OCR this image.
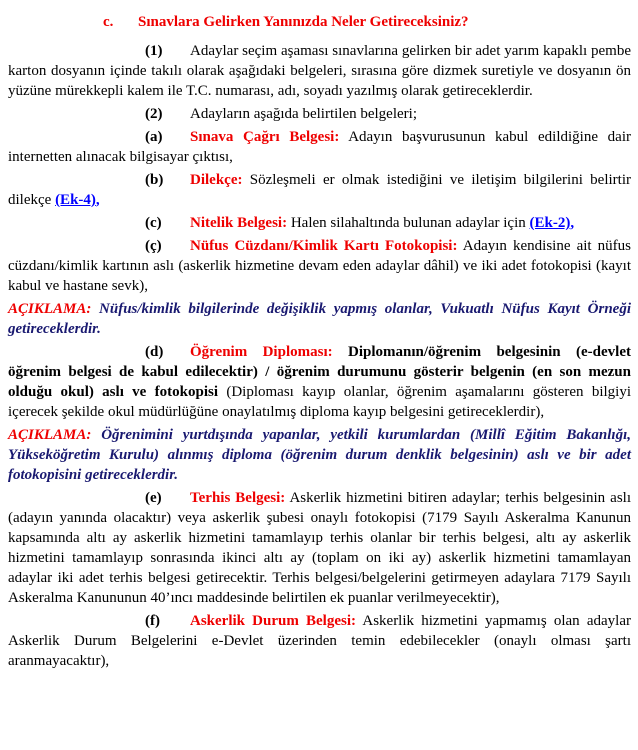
c. Sınavlara Gelirken Yanınızda Neler Getireceksiniz?

(1) Adaylar seçim aşaması sınavlarına gelirken bir adet yarım kapaklı pembe karton dosyanın içinde takılı olarak aşağıdaki belgeleri, sırasına göre dizmek suretiyle ve dosyanın ön yüzüne mürekkepli kalem ile T.C. numarası, adı, soyadı yazılmış olarak getireceklerdir.

(2) Adayların aşağıda belirtilen belgeleri;

(a) Sınava Çağrı Belgesi: Adayın başvurusunun kabul edildiğine dair internetten alınacak bilgisayar çıktısı,

(b) Dilekçe: Sözleşmeli er olmak istediğini ve iletişim bilgilerini belirtir dilekçe (Ek-4),

(c) Nitelik Belgesi: Halen silahaltında bulunan adaylar için (Ek-2),

(ç) Nüfus Cüzdanı/Kimlik Kartı Fotokopisi: Adayın kendisine ait nüfus cüzdanı/kimlik kartının aslı (askerlik hizmetine devam eden adaylar dâhil) ve iki adet fotokopisi (kayıt kabul ve hastane sevk),

AÇIKLAMA: Nüfus/kimlik bilgilerinde değişiklik yapmış olanlar, Vukuatlı Nüfus Kayıt Örneği getireceklerdir.

(d) Öğrenim Diploması: Diplomanın/öğrenim belgesinin (e-devlet öğrenim belgesi de kabul edilecektir) / öğrenim durumunu gösterir belgenin (en son mezun olduğu okul) aslı ve fotokopisi (Diploması kayıp olanlar, öğrenim aşamalarını gösteren bilgiyi içerecek şekilde okul müdürlüğüne onaylatılmış diploma kayıp belgesini getireceklerdir),

AÇIKLAMA: Öğrenimini yurtdışında yapanlar, yetkili kurumlardan (Millî Eğitim Bakanlığı, Yükseköğretim Kurulu) alınmış diploma (öğrenim durum denklik belgesinin) aslı ve bir adet fotokopisini getireceklerdir.

(e) Terhis Belgesi: Askerlik hizmetini bitiren adaylar; terhis belgesinin aslı (adayın yanında olacaktır) veya askerlik şubesi onaylı fotokopisi (7179 Sayılı Askeralma Kanunun kapsamında altı ay askerlik hizmetini tamamlayıp terhis olanlar bir terhis belgesi, altı ay askerlik hizmetini tamamlayıp sonrasında ikinci altı ay (toplam on iki ay) askerlik hizmetini tamamlayan adaylar iki adet terhis belgesi getirecektir. Terhis belgesi/belgelerini getirmeyen adaylara 7179 Sayılı Askeralma Kanununun 40’ıncı maddesinde belirtilen ek puanlar verilmeyecektir),

(f) Askerlik Durum Belgesi: Askerlik hizmetini yapmamış olan adaylar Askerlik Durum Belgelerini e-Devlet üzerinden temin edebilecekler (onaylı olması şartı aranmayacaktır),
